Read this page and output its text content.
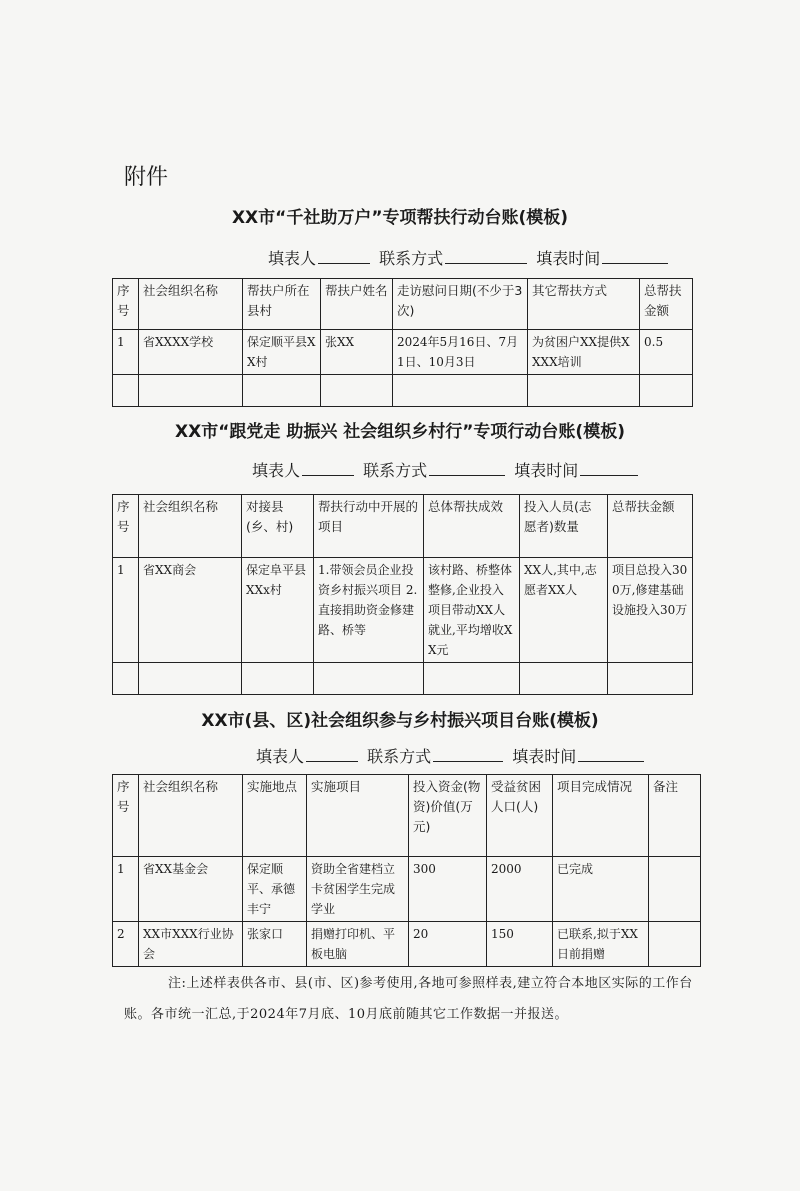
附件
XX市“千社助万户”专项帮扶行动台账(模板)
填表人	联系方式	填表时间
序号	社会组织名称	帮扶户所在县村	帮扶户姓名	走访慰问日期(不少于3次)	其它帮扶方式	总帮扶金额
1	省XXXX学校	保定顺平县XX村	张XX	2024年5月16日、7月1日、10月3日	为贫困户XX提供XXXX培训	0.5

XX市“跟党走 助振兴 社会组织乡村行”专项行动台账(模板)
填表人	联系方式	填表时间
序号	社会组织名称	对接县(乡、村)	帮扶行动中开展的项目	总体帮扶成效	投入人员(志愿者)数量	总帮扶金额
1	省XX商会	保定阜平县XXx村	1.带领会员企业投资乡村振兴项目 2.直接捐助资金修建路、桥等	该村路、桥整体整修,企业投入项目带动XX人就业,平均增收XX元	XX人,其中,志愿者XX人	项目总投入300万,修建基础设施投入30万

XX市(县、区)社会组织参与乡村振兴项目台账(模板)
填表人	联系方式	填表时间
序号	社会组织名称	实施地点	实施项目	投入资金(物资)价值(万元)	受益贫困人口(人)	项目完成情况	备注
1	省XX基金会	保定顺平、承德丰宁	资助全省建档立卡贫困学生完成学业	300	2000	已完成	
2	XX市XXX行业协会	张家口	捐赠打印机、平板电脑	20	150	已联系,拟于XX日前捐赠	
注:上述样表供各市、县(市、区)参考使用,各地可参照样表,建立符合本地区实际的工作台账。各市统一汇总,于2024年7月底、10月底前随其它工作数据一并报送。
